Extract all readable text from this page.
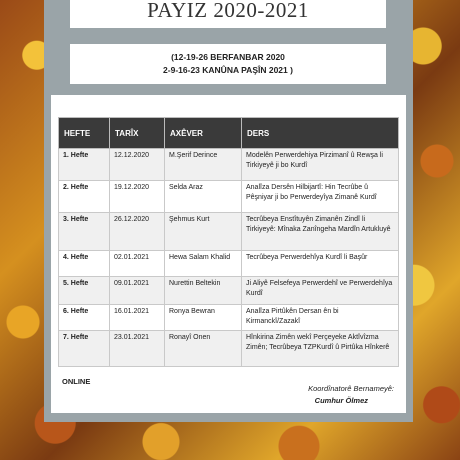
PAYIZ 2020-2021
(12-19-26 BERFANBAR 2020
2-9-16-23 KANÛNA PAŞÎN 2021 )
HEFTE	TARÎX	AXÊVER	DERS
1. Hefte	12.12.2020	M.Şerif Derince	Modelên Perwerdehiya Pirzimanî û Rewşa li Tirkiyeyê ji bo Kurdî
2. Hefte	19.12.2020	Selda Araz	Analîza Dersên Hilbijartî: Hin Tecrûbe û Pêşniyar ji bo Perwerdeyîya Zimanê Kurdî
3. Hefte	26.12.2020	Şehmus Kurt	Tecrûbeya Enstîtuyên Zimanên Zindî li Tirkiyeyê: Mînaka Zanîngeha Mardîn Artukluyê
4. Hefte	02.01.2021	Hewa Salam Khalid	Tecrûbeya Perwerdehîya Kurdî li Başûr
5. Hefte	09.01.2021	Nurettin Beltekin	Ji Aliyê Felsefeya Perwerdehî ve Perwerdehîya Kurdî
6. Hefte	16.01.2021	Ronya Bewran	Analîza Pirtûkên Dersan ên bi Kirmanckî/Zazakî
7. Hefte	23.01.2021	Ronayî Onen	Hînkirina Zimên wekî Perçeyeke Aktîvîzma Zimên; Tecrûbeya TZPKurdî û Pirtûka Hînkerê
ONLINE
Koordînatorê Bernameyê:
Cumhur Ölmez
